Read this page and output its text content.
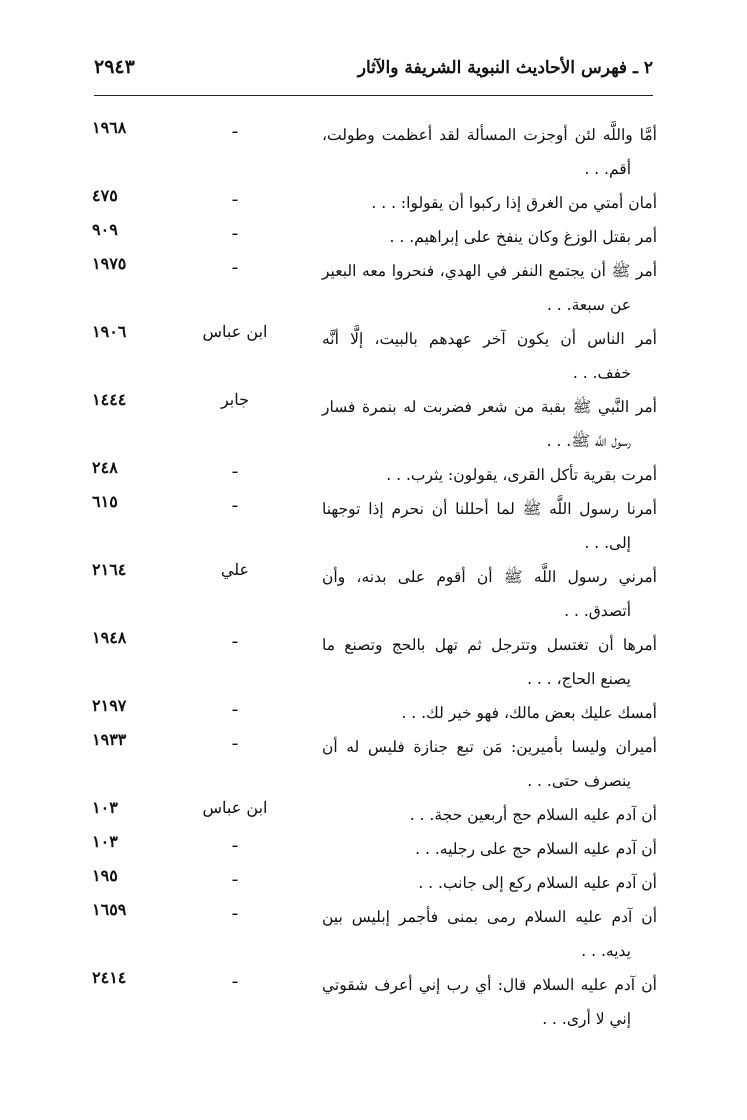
٢ ـ فهرس الأحاديث النبوية الشريفة والآثار
٢٩٤٣
أمَّا واللَّه لئن أوجزت المسألة لقد أعظمت وطولت،
أقم. . .
ـ
١٩٦٨
أمان أمتي من الغرق إذا ركبوا أن يقولوا: . . .
ـ
٤٧٥
أمر بقتل الوزغ وكان ينفخ على إبراهيم. . .
ـ
٩٠٩
أمر ﷺ أن يجتمع النفر في الهدي، فنحروا معه البعير
عن سبعة. . .
ـ
١٩٧٥
أمر الناس أن يكون آخر عهدهم بالبيت، إلَّا أنَّه
خفف. . .
ابن عباس
١٩٠٦
أمر النَّبي ﷺ بقبة من شعر فضربت له بنمرة فسار
رسول اللَّه ﷺ. . .
جابر
١٤٤٤
أمرت بقرية تأكل القرى، يقولون: يثرب. . .
ـ
٢٤٨
أمرنا رسول اللَّه ﷺ لما أحللنا أن نحرم إذا توجهنا
إلى. . .
ـ
٦١٥
أمرني رسول اللَّه ﷺ أن أقوم على بدنه، وأن
أتصدق. . .
علي
٢١٦٤
أمرها أن تغتسل وتترجل ثم تهل بالحج وتصنع ما
يصنع الحاج، . . .
ـ
١٩٤٨
أمسك عليك بعض مالك، فهو خير لك. . .
ـ
٢١٩٧
أميران وليسا بأميرين: مَن تبع جنازة فليس له أن
ينصرف حتى. . .
ـ
١٩٣٣
أن آدم عليه السلام حج أربعين حجة. . .
ابن عباس
١٠٣
أن آدم عليه السلام حج على رجليه. . .
ـ
١٠٣
أن آدم عليه السلام ركع إلى جانب. . .
ـ
١٩٥
أن آدم عليه السلام رمى بمنى فأجمر إبليس بين
يديه. . .
ـ
١٦٥٩
أن آدم عليه السلام قال: أي رب إني أعرف شقوتي
إني لا أرى. . .
ـ
٢٤١٤
